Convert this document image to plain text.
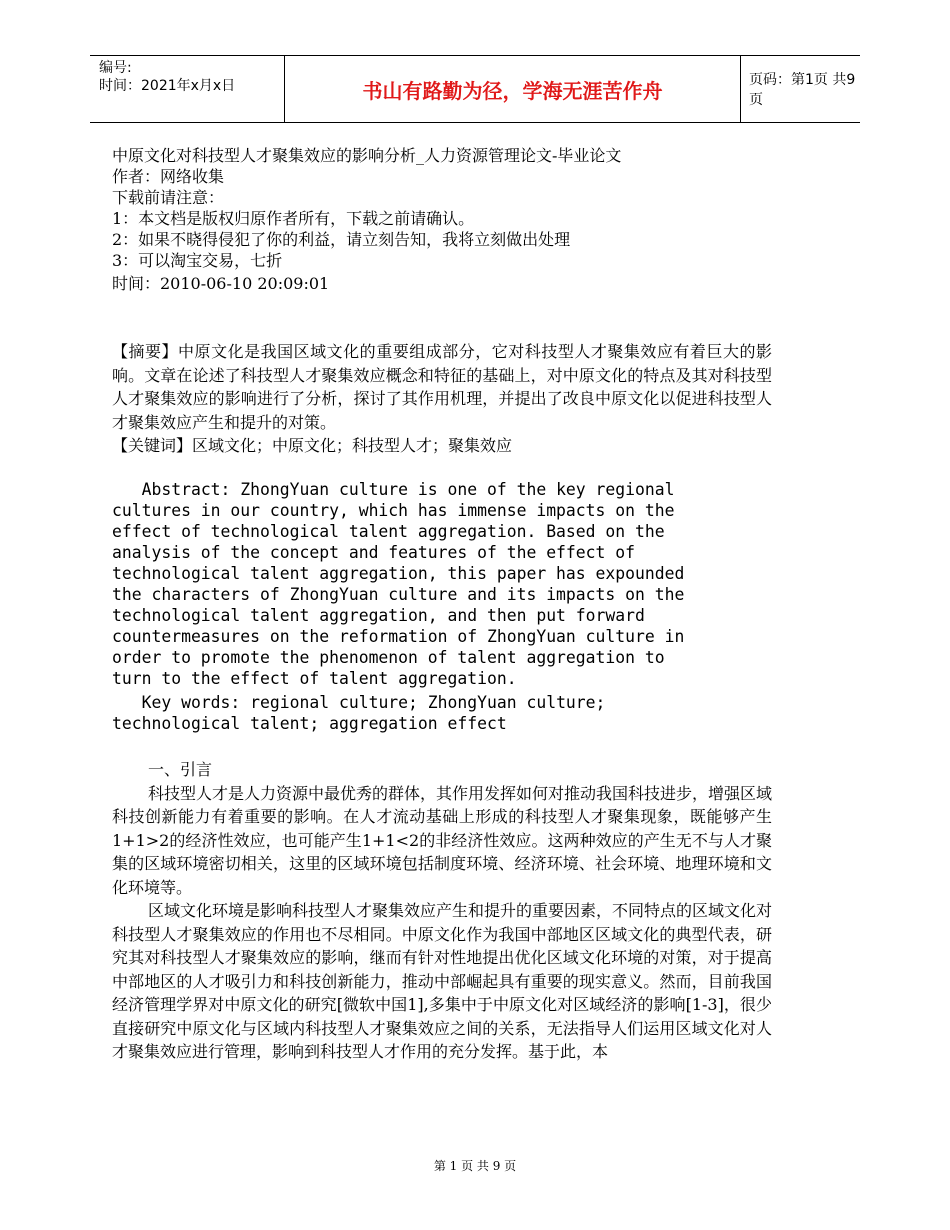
编号:
时间：2021年x月x日	书山有路勤为径，学海无涯苦作舟	页码：第1页 共9页
中原文化对科技型人才聚集效应的影响分析_人力资源管理论文-毕业论文
作者：网络收集
下载前请注意：
1：本文档是版权归原作者所有，下载之前请确认。
2：如果不晓得侵犯了你的利益，请立刻告知，我将立刻做出处理
3：可以淘宝交易，七折
时间：2010-06-10 20:09:01
【摘要】中原文化是我国区域文化的重要组成部分，它对科技型人才聚集效应有着巨大的影响。文章在论述了科技型人才聚集效应概念和特征的基础上，对中原文化的特点及其对科技型人才聚集效应的影响进行了分析，探讨了其作用机理，并提出了改良中原文化以促进科技型人才聚集效应产生和提升的对策。
【关键词】区域文化；中原文化；科技型人才；聚集效应
Abstract: ZhongYuan culture is one of the key regional
cultures in our country, which has immense impacts on the
effect of technological talent aggregation. Based on the
analysis of the concept and features of the effect of
technological talent aggregation, this paper has expounded
the characters of ZhongYuan culture and its impacts on the
technological talent aggregation, and then put forward
countermeasures on the reformation of ZhongYuan culture in
order to promote the phenomenon of talent aggregation to
turn to the effect of talent aggregation.
Key words: regional culture; ZhongYuan culture;
technological talent; aggregation effect
一、引言
科技型人才是人力资源中最优秀的群体，其作用发挥如何对推动我国科技进步，增强区域科技创新能力有着重要的影响。在人才流动基础上形成的科技型人才聚集现象，既能够产生1+1>2的经济性效应，也可能产生1+1<2的非经济性效应。这两种效应的产生无不与人才聚集的区域环境密切相关，这里的区域环境包括制度环境、经济环境、社会环境、地理环境和文化环境等。
区域文化环境是影响科技型人才聚集效应产生和提升的重要因素，不同特点的区域文化对科技型人才聚集效应的作用也不尽相同。中原文化作为我国中部地区区域文化的典型代表，研究其对科技型人才聚集效应的影响，继而有针对性地提出优化区域文化环境的对策，对于提高中部地区的人才吸引力和科技创新能力，推动中部崛起具有重要的现实意义。然而，目前我国经济管理学界对中原文化的研究[微软中国1],多集中于中原文化对区域经济的影响[1-3]，很少直接研究中原文化与区域内科技型人才聚集效应之间的关系，无法指导人们运用区域文化对人才聚集效应进行管理，影响到科技型人才作用的充分发挥。基于此，本
第 1 页 共 9 页
